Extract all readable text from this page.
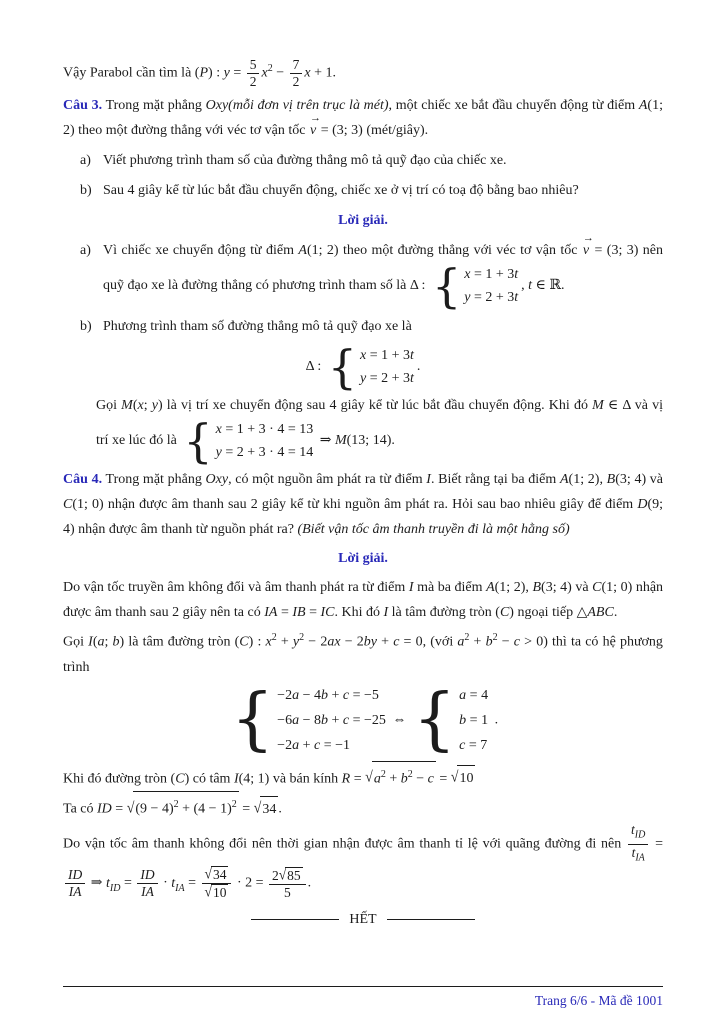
Vậy Parabol cần tìm là (P) : $y = \frac{5}{2} x^2 - \frac{7}{2}$ x + 1.
Câu 3. Trong mặt phẳng Oxy(mỗi đơn vị trên trục là mét), một chiếc xe bắt đầu chuyển động từ điểm A(1; 2) theo một đường thẳng với véc tơ vận tốc v → = (3; 3) (mét/giây).
a) Viết phương trình tham số của đường thẳng mô tả quỹ đạo của chiếc xe.
b) Sau 4 giây kể từ lúc bắt đầu chuyển động, chiếc xe ở vị trí có toạ độ bằng bao nhiêu?
Lời giải.
a) Vì chiếc xe chuyển động từ điểm A(1; 2) theo một đường thẳng với véc tơ vận tốc v → = (3; 3) nên quỹ đạo xe là đường thẳng có phương trình tham số là Δ : { x = 1 + 3t
y = 2 + 3t
, t ∈ ℝ.
b) Phương trình tham số đường thẳng mô tả quỹ đạo xe là
Δ : { x = 1 + 3t
y = 2 + 3t
.
Gọi M(x; y) là vị trí xe chuyển động sau 4 giây kể từ lúc bắt đầu chuyển động. Khi đó M ∈ Δ và vị trí xe lúc đó là { x = 1 + 3 · 4 = 13
y = 2 + 3 · 4 = 14
⇒ M(13; 14).
Câu 4. Trong mặt phẳng Oxy, có một nguồn âm phát ra từ điểm I. Biết rằng tại ba điểm A(1; 2), B(3; 4) và C(1; 0) nhận được âm thanh sau 2 giây kể từ khi nguồn âm phát ra. Hỏi sau bao nhiêu giây để điểm D(9; 4) nhận được âm thanh từ nguồn phát ra? (Biết vận tốc âm thanh truyền đi là một hằng số)
Lời giải.
Do vận tốc truyền âm không đổi và âm thanh phát ra từ điểm I mà ba điểm A(1; 2), B(3; 4) và C(1; 0) nhận được âm thanh sau 2 giây nên ta có IA = IB = IC. Khi đó I là tâm đường tròn (C) ngoại tiếp △ABC.
Gọi I(a; b) là tâm đường tròn (C) : $x^2 + y^2 - 2ax - 2by + c = 0$, (với $a^2 + b^2 - c > 0$) thì ta có hệ phương trình
{ −2a − 4b + c = −5
−6a − 8b + c = −25
−2a + c = −1
⇔ { a = 4
b = 1
c = 7
.
Khi đó đường tròn (C) có tâm I(4; 1) và bán kính $R = √a^2 + b^2 - c = √10$
Ta có ID = $√(9 - 4)^2 + (4 - 1)^2 = √34$ .
Do vận tốc âm thanh không đổi nên thời gian nhận được âm thanh tỉ lệ với quãng đường đi nên $\frac{t_{ID}}{t_{IA}}$ =
$\frac{ID}{IA}$ ⇒ $t_{ID} = \frac{ID}{IA} \cdot t_{IA} = \frac{√34}{√10} \cdot 2 = \frac{2√85}{5}$ .
HẾT
Trang 6/6 - Mã đề 1001
